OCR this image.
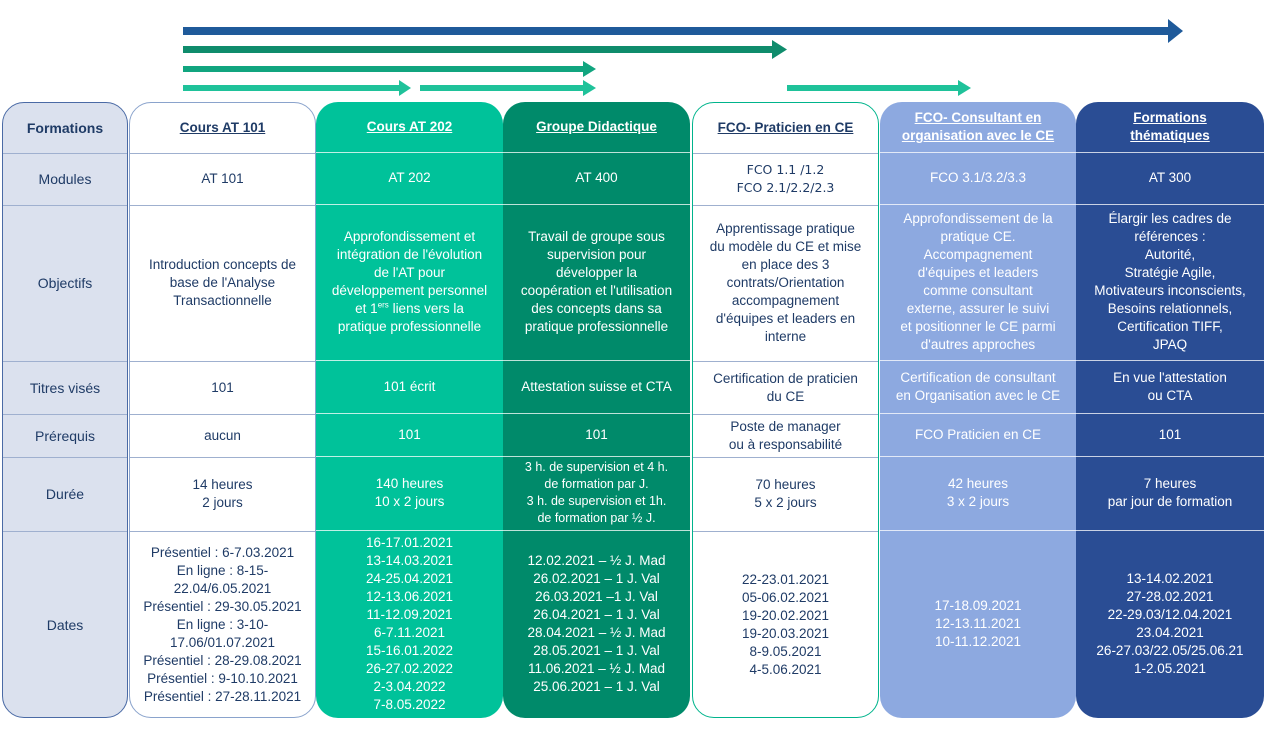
Formations
Modules
Objectifs
Titres visés
Prérequis
Durée
Dates
Cours AT 101
AT 101
Introduction concepts de
base de l'Analyse
Transactionnelle
101
aucun
14 heures
2 jours
Présentiel : 6-7.03.2021
En ligne : 8-15-
22.04/6.05.2021
Présentiel : 29-30.05.2021
En ligne : 3-10-
17.06/01.07.2021
Présentiel : 28-29.08.2021
Présentiel : 9-10.10.2021
Présentiel : 27-28.11.2021
Cours AT 202
AT 202
Approfondissement et
intégration de l'évolution
de l'AT pour
développement personnel
et 1ers liens vers la
pratique professionnelle
101 écrit
101
140 heures
10 x 2 jours
16-17.01.2021
13-14.03.2021
24-25.04.2021
12-13.06.2021
11-12.09.2021
6-7.11.2021
15-16.01.2022
26-27.02.2022
2-3.04.2022
7-8.05.2022
Groupe Didactique
AT 400
Travail de groupe sous
supervision pour
développer la
coopération et l'utilisation
des concepts dans sa
pratique professionnelle
Attestation suisse et CTA
101
3 h. de supervision et 4 h.
de formation par J.
3 h. de supervision et 1h.
de formation par ½ J.
12.02.2021 – ½ J. Mad
26.02.2021 – 1 J. Val
26.03.2021 –1 J. Val
26.04.2021 – 1 J. Val
28.04.2021 – ½ J. Mad
28.05.2021 – 1 J. Val
11.06.2021 – ½ J. Mad
25.06.2021 – 1 J. Val
FCO- Praticien en CE
FCO 1.1 /1.2
FCO 2.1/2.2/2.3
Apprentissage pratique
du modèle du CE et mise
en place des 3
contrats/Orientation
accompagnement
d'équipes et leaders en
interne
Certification de praticien
du CE
Poste de manager
ou à responsabilité
70 heures
5 x 2 jours
22-23.01.2021
05-06.02.2021
19-20.02.2021
19-20.03.2021
8-9.05.2021
4-5.06.2021
FCO- Consultant en
organisation avec le CE
FCO 3.1/3.2/3.3
Approfondissement de la
pratique CE.
Accompagnement
d'équipes et leaders
comme consultant
externe, assurer le suivi
et positionner le CE parmi
d'autres approches
Certification de consultant
en Organisation avec le CE
FCO Praticien en CE
42 heures
3 x 2 jours
17-18.09.2021
12-13.11.2021
10-11.12.2021
Formations
thématiques
AT 300
Élargir les cadres de
références :
Autorité,
Stratégie Agile,
Motivateurs inconscients,
Besoins relationnels,
Certification TIFF,
JPAQ
En vue l'attestation
ou CTA
101
7 heures
par jour de formation
13-14.02.2021
27-28.02.2021
22-29.03/12.04.2021
23.04.2021
26-27.03/22.05/25.06.21
1-2.05.2021
